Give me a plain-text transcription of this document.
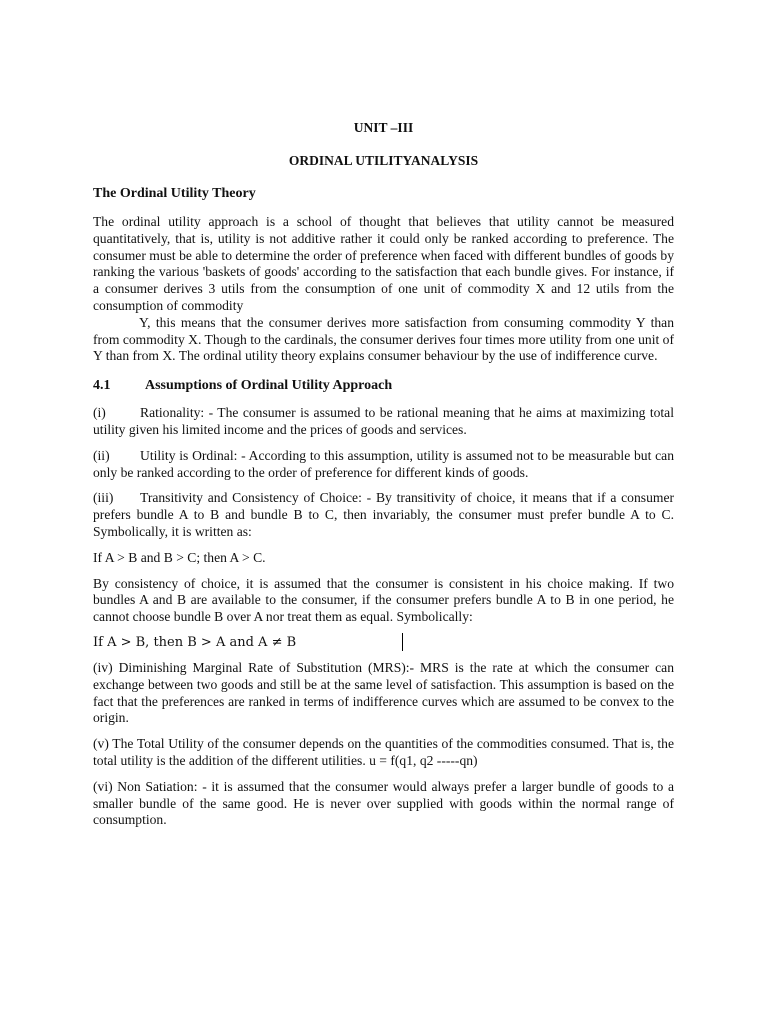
UNIT –III
ORDINAL UTILITYANALYSIS
The Ordinal Utility Theory

The ordinal utility approach is a school of thought that believes that utility cannot be measured quantitatively, that is, utility is not additive rather it could only be ranked according to preference. The consumer must be able to determine the order of preference when faced with different bundles of goods by ranking the various 'baskets of goods' according to the satisfaction that each bundle gives. For instance, if a consumer derives 3 utils from the consumption of one unit of commodity X and 12 utils from the consumption of commodity
Y, this means that the consumer derives more satisfaction from consuming commodity Y than from commodity X. Though to the cardinals, the consumer derives four times more utility from one unit of Y than from X. The ordinal utility theory explains consumer behaviour by the use of indifference curve.

4.1	Assumptions of Ordinal Utility Approach

(i)	Rationality: - The consumer is assumed to be rational meaning that he aims at maximizing total utility given his limited income and the prices of goods and services.

(ii) Utility is Ordinal: - According to this assumption, utility is assumed not to be measurable but can only be ranked according to the order of preference for different kinds of goods.

(iii) Transitivity and Consistency of Choice: - By transitivity of choice, it means that if a consumer prefers bundle A to B and bundle B to C, then invariably, the consumer must prefer bundle A to C. Symbolically, it is written as:

If A > B and B > C; then A > C.

By consistency of choice, it is assumed that the consumer is consistent in his choice making. If two bundles A and B are available to the consumer, if the consumer prefers bundle A to B in one period, he cannot choose bundle B over A nor treat them as equal. Symbolically:

If A > B, then B > A and A ≠ B

(iv) Diminishing Marginal Rate of Substitution (MRS):- MRS is the rate at which the consumer can exchange between two goods and still be at the same level of satisfaction. This assumption is based on the fact that the preferences are ranked in terms of indifference curves which are assumed to be convex to the origin.

(v) The Total Utility of the consumer depends on the quantities of the commodities consumed. That is, the total utility is the addition of the different utilities. u = f(q1, q2 -----qn)

(vi) Non Satiation: - it is assumed that the consumer would always prefer a larger bundle of goods to a smaller bundle of the same good. He is never over supplied with goods within the normal range of consumption.
